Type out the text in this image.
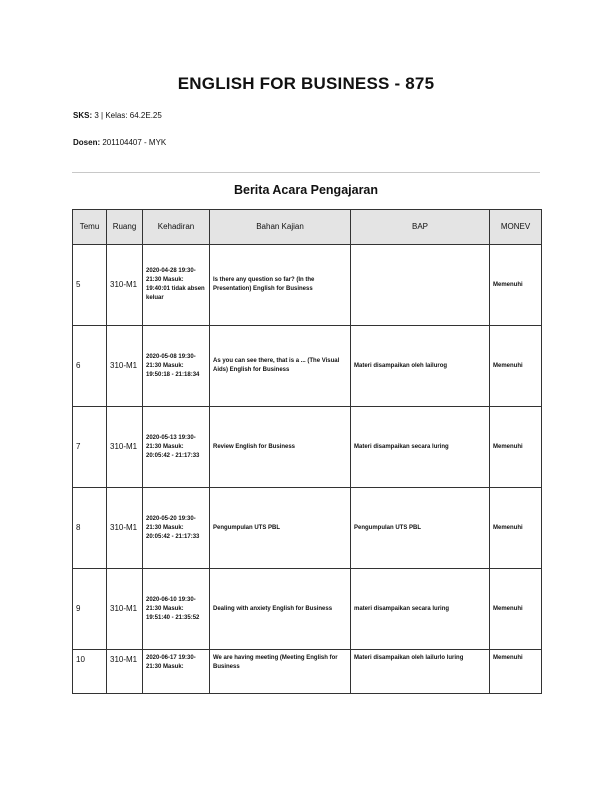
ENGLISH FOR BUSINESS - 875
SKS: 3 | Kelas: 64.2E.25
Dosen: 201104407 - MYK
Berita Acara Pengajaran
Temu	Ruang	Kehadiran	Bahan Kajian	BAP	MONEV
5	310-M1	2020-04-28 19:30-21:30 Masuk: 19:40:01 tidak absen keluar	Is there any question so far? (In the Presentation) English for Business		Memenuhi
6	310-M1	2020-05-08 19:30-21:30 Masuk: 19:50:18 - 21:18:34	As you can see there, that is a ... (The Visual Aids) English for Business	Materi disampaikan oleh lailurog	Memenuhi
7	310-M1	2020-05-13 19:30-21:30 Masuk: 20:05:42 - 21:17:33	Review English for Business	Materi disampaikan secara luring	Memenuhi
8	310-M1	2020-05-20 19:30-21:30 Masuk: 20:05:42 - 21:17:33	Pengumpulan UTS PBL	Pengumpulan UTS PBL	Memenuhi
9	310-M1	2020-06-10 19:30-21:30 Masuk: 19:51:40 - 21:35:52	Dealing with anxiety English for Business	materi disampaikan secara luring	Memenuhi
10	310-M1	2020-06-17 19:30-21:30 Masuk:	We are having meeting (Meeting English for Business	Materi disampaikan oleh lailurlo luring	Memenuhi
